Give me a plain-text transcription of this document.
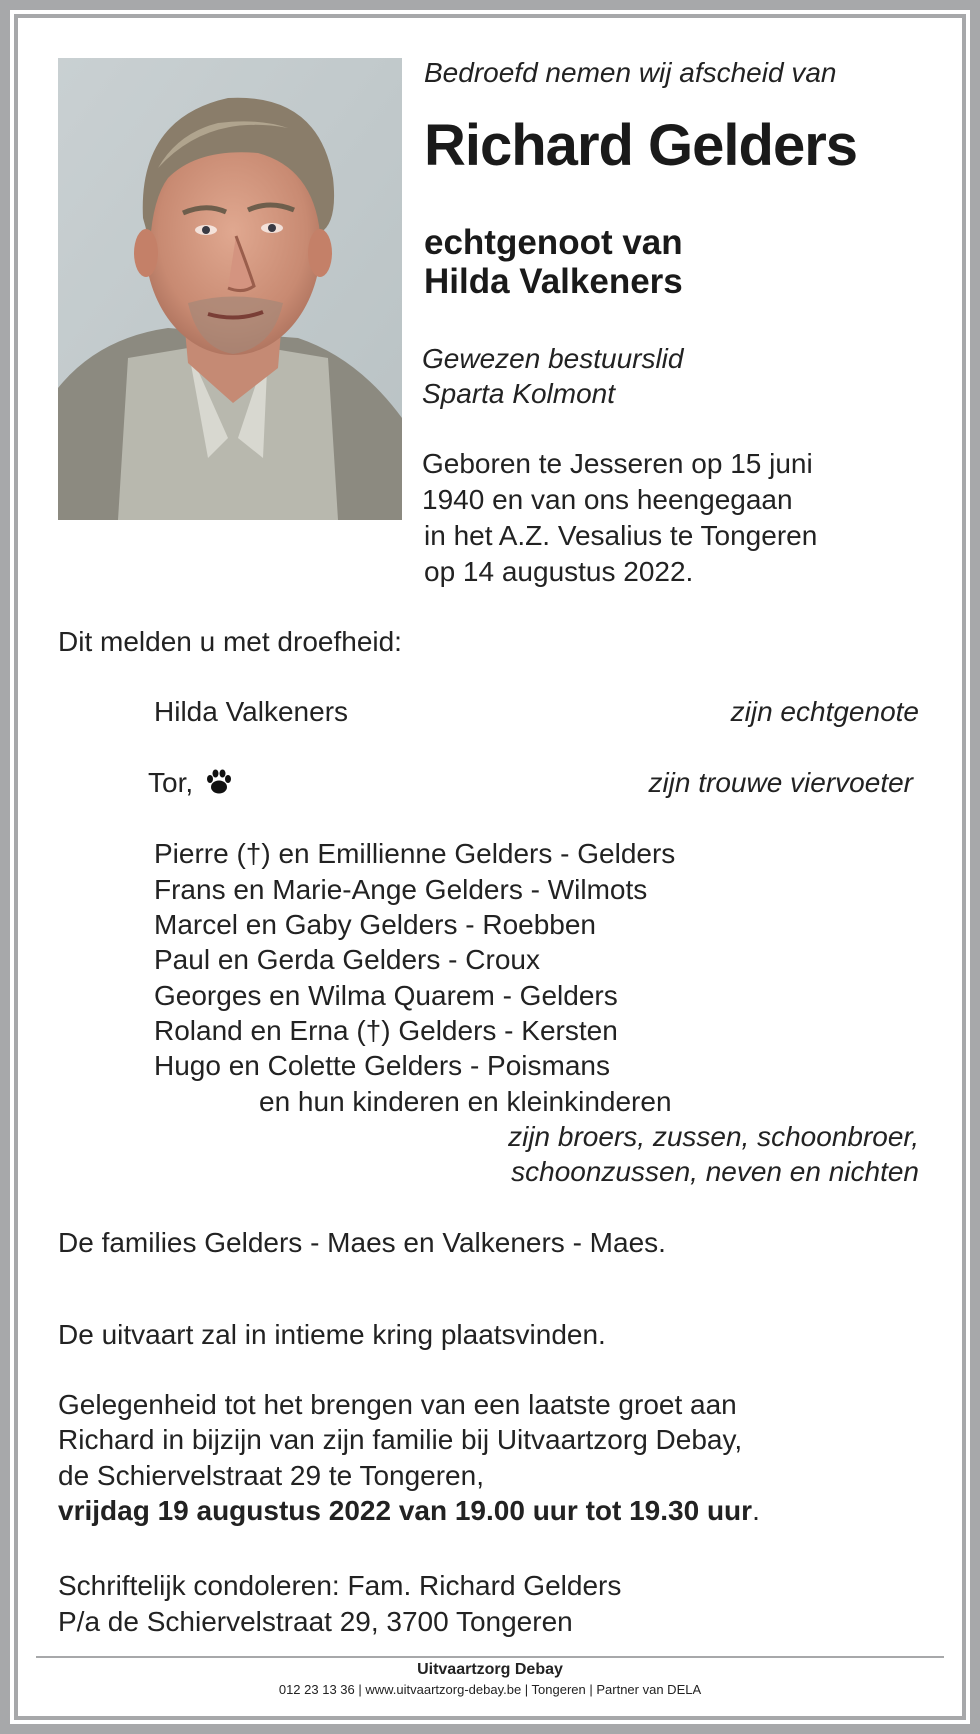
Bedroefd nemen wij afscheid van
Richard Gelders
echtgenoot van
Hilda Valkeners
Gewezen bestuurslid
Sparta Kolmont
Geboren te Jesseren op 15 juni
1940 en van ons heengegaan
in het A.Z. Vesalius te Tongeren
op 14 augustus 2022.
Dit melden u met droefheid:
Hilda Valkeners	zijn echtgenote
Tor,	zijn trouwe viervoeter
Pierre (†) en Emillienne Gelders - Gelders
Frans en Marie-Ange Gelders - Wilmots
Marcel en Gaby Gelders - Roebben
Paul en Gerda Gelders - Croux
Georges en Wilma Quarem - Gelders
Roland en Erna (†) Gelders - Kersten
Hugo en Colette Gelders - Poismans
en hun kinderen en kleinkinderen
zijn broers, zussen, schoonbroer,
schoonzussen, neven en nichten
De families Gelders - Maes en Valkeners - Maes.
De uitvaart zal in intieme kring plaatsvinden.
Gelegenheid tot het brengen van een laatste groet aan
Richard in bijzijn van zijn familie bij Uitvaartzorg Debay,
de Schiervelstraat 29 te Tongeren,
vrijdag 19 augustus 2022 van 19.00 uur tot 19.30 uur.
Schriftelijk condoleren: Fam. Richard Gelders
P/a de Schiervelstraat 29, 3700 Tongeren
Uitvaartzorg Debay
012 23 13 36 | www.uitvaartzorg-debay.be | Tongeren | Partner van DELA
